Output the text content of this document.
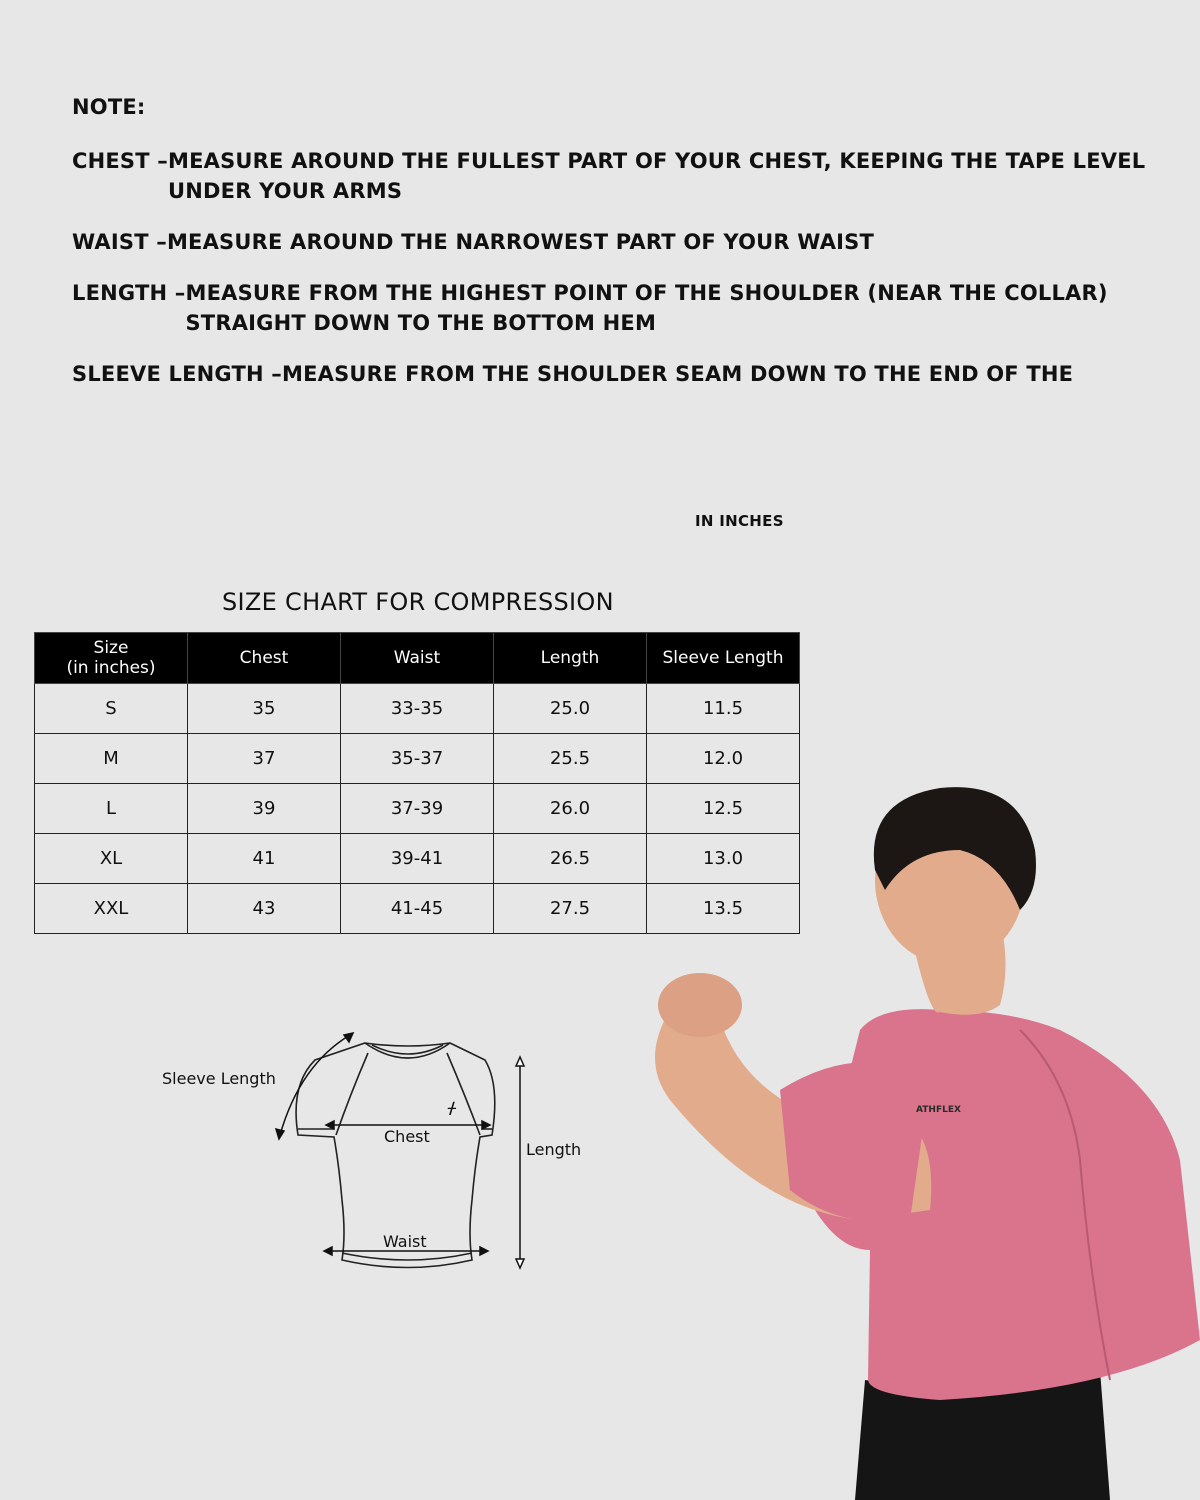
NOTE:
CHEST – MEASURE AROUND THE FULLEST PART OF YOUR CHEST, KEEPING THE TAPE LEVEL
UNDER YOUR ARMS
WAIST – MEASURE AROUND THE NARROWEST PART OF YOUR WAIST
LENGTH – MEASURE FROM THE HIGHEST POINT OF THE SHOULDER (NEAR THE COLLAR)
STRAIGHT DOWN TO THE BOTTOM HEM
SLEEVE LENGTH – MEASURE FROM THE SHOULDER SEAM DOWN TO THE END OF THE
IN INCHES
SIZE CHART FOR COMPRESSION
Size
(in inches)	Chest	Waist	Length	Sleeve Length
S	35	33-35	25.0	11.5
M	37	35-37	25.5	12.0
L	39	37-39	26.0	12.5
XL	41	39-41	26.5	13.0
XXL	43	41-45	27.5	13.5
ᚋ
Chest
Waist
Length
Sleeve Length
ATHFLEX
